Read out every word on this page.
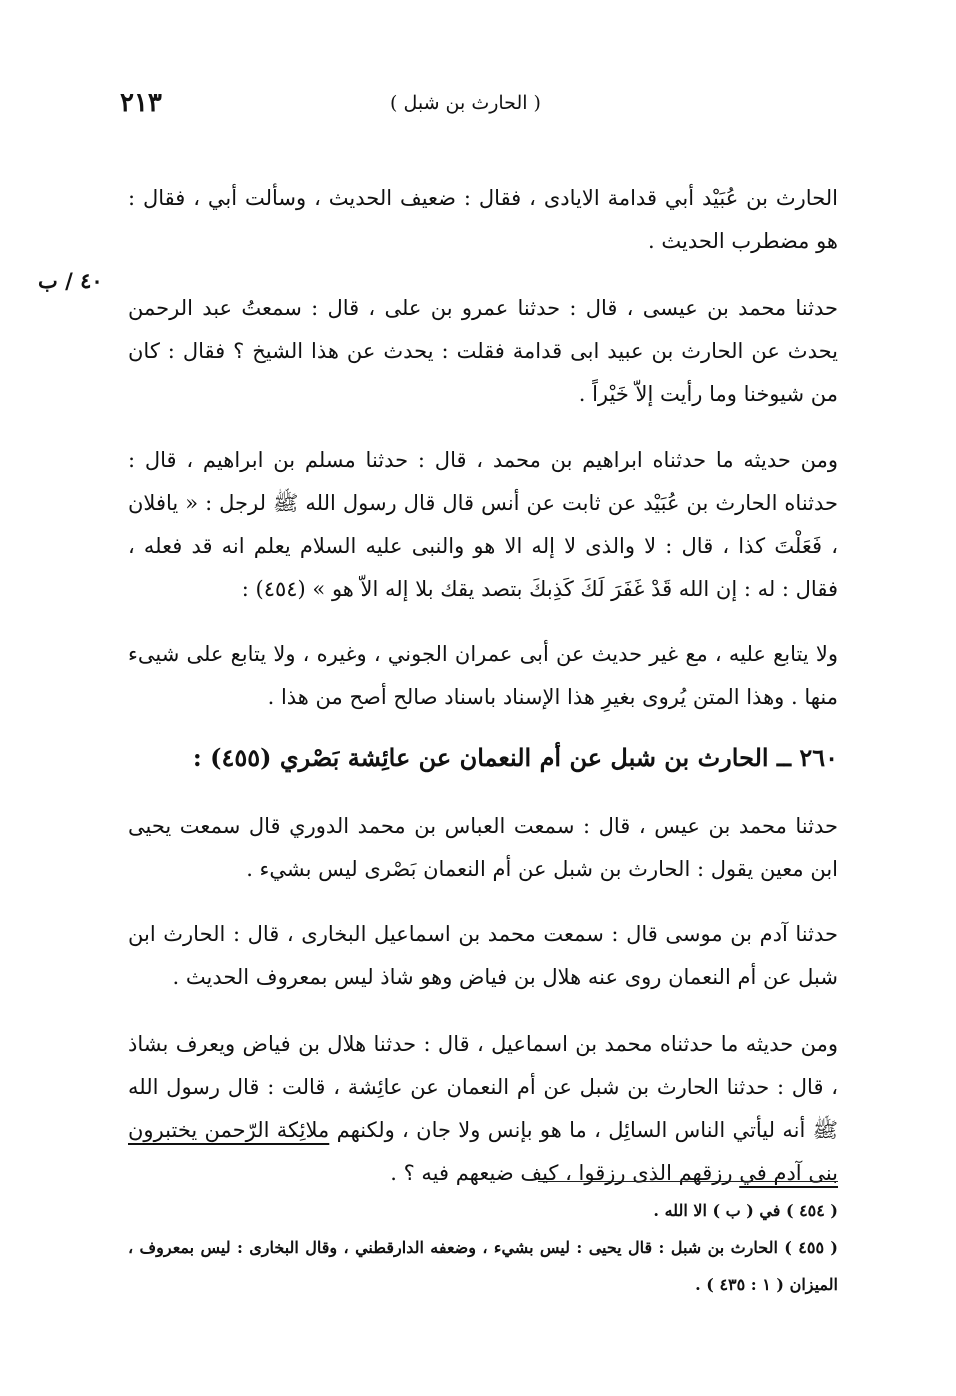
٢١٣	( الحارث بن شبل )
٤٠ / ب

الحارث بن عُبَيْد أبي قدامة الايادى ، فقال : ضعيف الحديث ، وسألت أبي ، فقال : هو مضطرب الحديث .

حدثنا محمد بن عيسى ، قال : حدثنا عمرو بن على ، قال : سمعتُ عبد الرحمن يحدث عن الحارث بن عبيد ابى قدامة فقلت : يحدث عن هذا الشيخ ؟ فقال : كان من شيوخنا وما رأيت إلاّ خَيْراً .

ومن حديثه ما حدثناه ابراهيم بن محمد ، قال : حدثنا مسلم بن ابراهيم ، قال : حدثناه الحارث بن عُبَيْد عن ثابت عن أنس قال قال رسول الله ﷺ لرجل : « يافلان ، فَعَلْتَ كذا ، قال : لا والذى لا إله الا هو والنبى عليه السلام يعلم انه قد فعله ، فقال : له : إن الله قَدْ غَفَرَ لَكَ كَذِبكَ بتصد يقك بلا إله الاّ هو » (٤٥٤) :

ولا يتابع عليه ، مع غير حديث عن أبى عمران الجوني ، وغيره ، ولا يتابع على شيىء منها . وهذا المتن يُروى بغيرِ هذا الإسناد باسناد صالح أصح من هذا .

٢٦٠ ــ الحارث بن شبل عن أم النعمان عن عائِشة بَصْري (٤٥٥) :

حدثنا محمد بن عيس ، قال : سمعت العباس بن محمد الدوري قال سمعت يحيى ابن معين يقول : الحارث بن شبل عن أم النعمان بَصْرى ليس بشيء .

حدثنا آدم بن موسى قال : سمعت محمد بن اسماعيل البخارى ، قال : الحارث ابن شبل عن أم النعمان روى عنه هلال بن فياض وهو شاذ ليس بمعروف الحديث .

ومن حديثه ما حدثناه محمد بن اسماعيل ، قال : حدثنا هلال بن فياض ويعرف بشاذ ، قال : حدثنا الحارث بن شبل عن أم النعمان عن عائِشة ، قالت : قال رسول الله ﷺ أنه ليأتي الناس السائِل ، ما هو بإنس ولا جان ، ولكنهم ملائِكة الرّحمن يختبرون بنى آدم في رزقهم الذى رزقوا ، كيف ضيعهم فيه ؟ .

( ٤٥٤ ) في ( ب ) الا الله .

( ٤٥٥ ) الحارث بن شبل : قال يحيى : ليس بشيء ، وضعفه الدارقطني ، وقال البخارى : ليس بمعروف ، الميزان ( ١ : ٤٣٥ ) .
